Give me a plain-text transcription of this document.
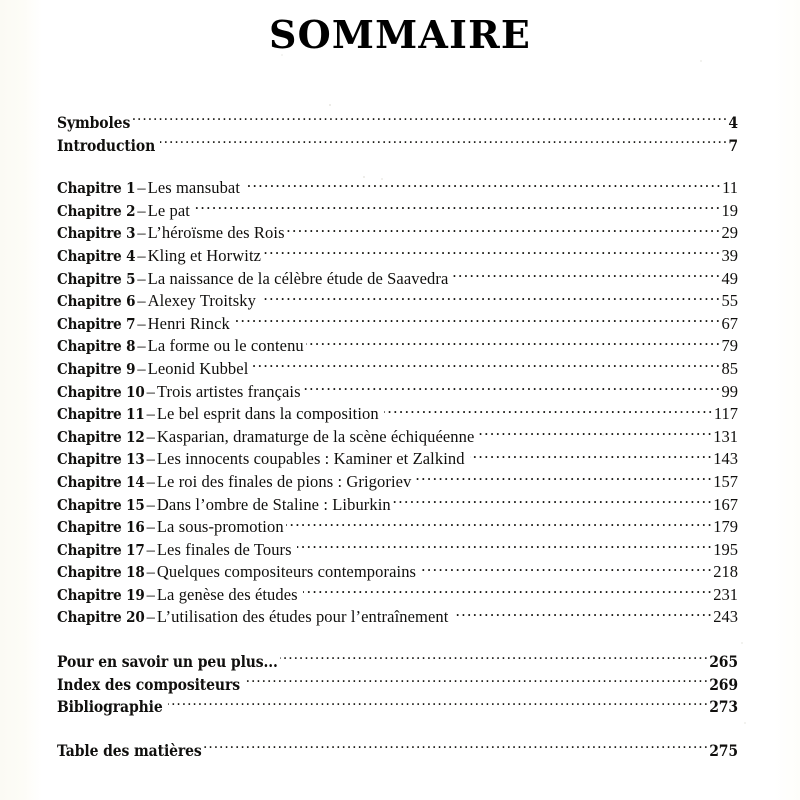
SOMMAIRE
Symboles .....	4
Introduction .....	7
Chapitre 1 – Les mansubat .....	11
Chapitre 2 – Le pat .....	19
Chapitre 3 – L’héroïsme des Rois .....	29
Chapitre 4 – Kling et Horwitz .....	39
Chapitre 5 – La naissance de la célèbre étude de Saavedra .....	49
Chapitre 6 – Alexey Troitsky .....	55
Chapitre 7 – Henri Rinck .....	67
Chapitre 8 – La forme ou le contenu .....	79
Chapitre 9 – Leonid Kubbel .....	85
Chapitre 10 – Trois artistes français .....	99
Chapitre 11 – Le bel esprit dans la composition .....	117
Chapitre 12 – Kasparian, dramaturge de la scène échiquéenne .....	131
Chapitre 13 – Les innocents coupables : Kaminer et Zalkind .....	143
Chapitre 14 – Le roi des finales de pions : Grigoriev .....	157
Chapitre 15 – Dans l’ombre de Staline : Liburkin .....	167
Chapitre 16 – La sous-promotion .....	179
Chapitre 17 – Les finales de Tours .....	195
Chapitre 18 – Quelques compositeurs contemporains .....	218
Chapitre 19 – La genèse des études .....	231
Chapitre 20 – L’utilisation des études pour l’entraînement .....	243
Pour en savoir un peu plus... .....	265
Index des compositeurs .....	269
Bibliographie .....	273
Table des matières .....	275
